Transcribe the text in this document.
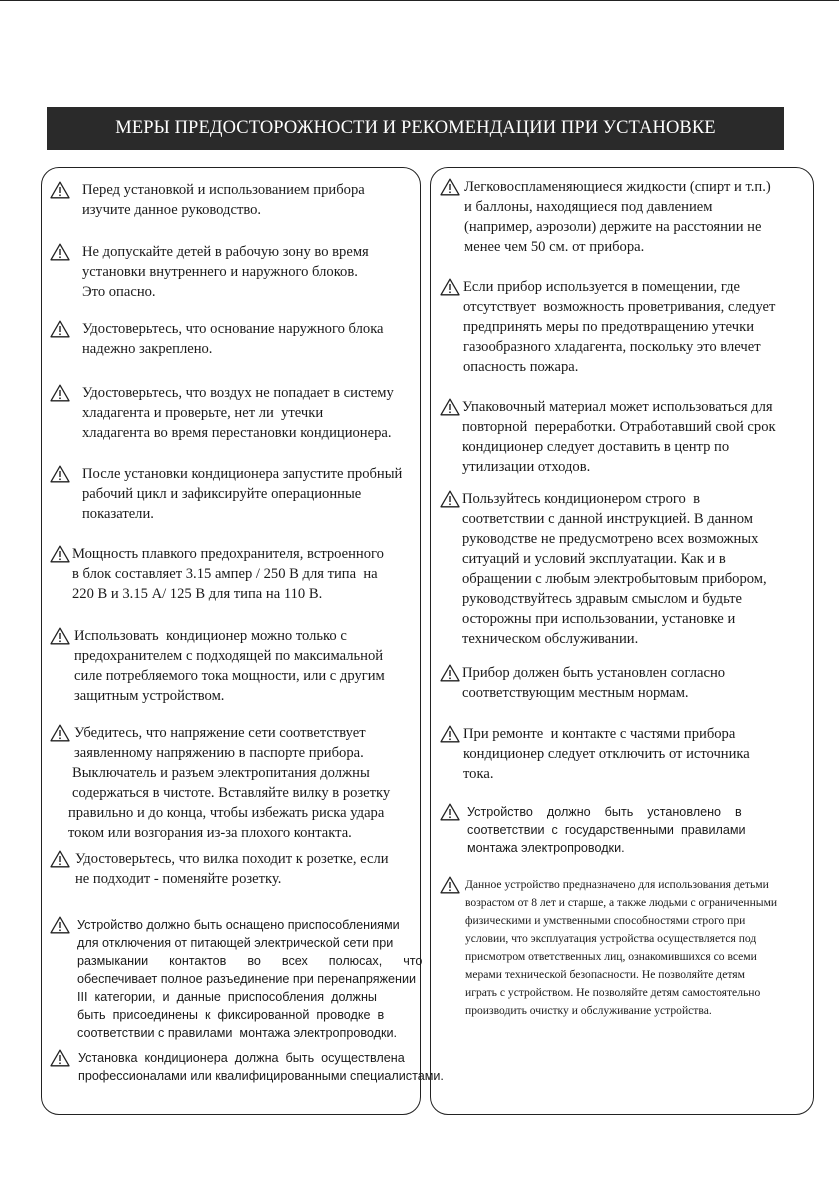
МЕРЫ ПРЕДОСТОРОЖНОСТИ И РЕКОМЕНДАЦИИ ПРИ УСТАНОВКЕ
Перед установкой и использованием прибора
изучите данное руководство.
Не допускайте детей в рабочую зону во время
установки внутреннего и наружного блоков.
Это опасно.
Удостоверьтесь, что основание наружного блока
надежно закреплено.
Удостоверьтесь, что воздух не попадает в систему
хладагента и проверьте, нет ли  утечки
хладагента во время перестановки кондиционера.
После установки кондиционера запустите пробный
рабочий цикл и зафиксируйте операционные
показатели.
Мощность плавкого предохранителя, встроенного
в блок составляет 3.15 ампер / 250 В для типа  на
220 В и 3.15 А/ 125 В для типа на 110 В.
Использовать  кондиционер можно только с
предохранителем с подходящей по максимальной
силе потребляемого тока мощности, или с другим
защитным устройством.
Убедитесь, что напряжение сети соответствует
заявленному напряжению в паспорте прибора.
Выключатель и разъем электропитания должны
содержаться в чистоте. Вставляйте вилку в розетку
правильно и до конца, чтобы избежать риска удара
током или возгорания из-за плохого контакта.
Удостоверьтесь, что вилка походит к розетке, если
не подходит - поменяйте розетку.
Устройство должно быть оснащено приспособлениями
для отключения от питающей электрической сети при
размыкании      контактов      во      всех      полюсах,      что
обеспечивает полное разъединение при перенапряжении
III  категории,  и  данные  приспособления  должны
быть  присоединены  к  фиксированной  проводке  в
соответствии с правилами  монтажа электропроводки.
Установка  кондиционера  должна  быть  осуществлена
профессионалами или квалифицированными специалистами.
Легковоспламеняющиеся жидкости (спирт и т.п.)
и баллоны, находящиеся под давлением
(например, аэрозоли) держите на расстоянии не
менее чем 50 см. от прибора.
Если прибор используется в помещении, где
отсутствует  возможность проветривания, следует
предпринять меры по предотвращению утечки
газообразного хладагента, поскольку это влечет
опасность пожара.
Упаковочный материал может использоваться для
повторной  переработки. Отработавший свой срок
кондиционер следует доставить в центр по
утилизации отходов.
Пользуйтесь кондиционером строго  в
соответствии с данной инструкцией. В данном
руководстве не предусмотрено всех возможных
ситуаций и условий эксплуатации. Как и в
обращении с любым электробытовым прибором,
руководствуйтесь здравым смыслом и будьте
осторожны при использовании, установке и
техническом обслуживании.
Прибор должен быть установлен согласно
соответствующим местным нормам.
При ремонте  и контакте с частями прибора
кондиционер следует отключить от источника
тока.
Устройство    должно    быть    установлено    в
соответствии  с  государственными  правилами
монтажа электропроводки.
Данное устройство предназначено для использования детьми
возрастом от 8 лет и старше, а также людьми с ограниченными
физическими и умственными способностями строго при
условии, что эксплуатация устройства осуществляется под
присмотром ответственных лиц, ознакомившихся со всеми
мерами технической безопасности. Не позволяйте детям
играть с устройством. Не позволяйте детям самостоятельно
производить очистку и обслуживание устройства.
